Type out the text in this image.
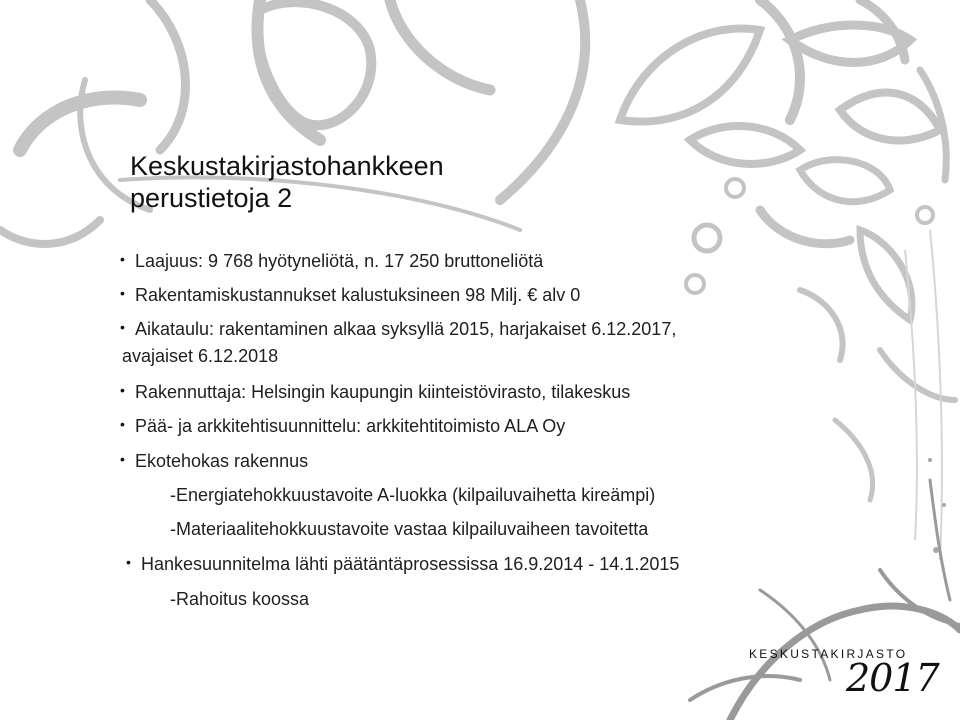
Keskustakirjastohankkeen
perustietoja 2
• Laajuus: 9 768 hyötyneliötä, n. 17 250 bruttoneliötä
• Rakentamiskustannukset kalustuksineen 98 Milj. € alv 0
• Aikataulu: rakentaminen alkaa syksyllä 2015, harjakaiset 6.12.2017,
avajaiset 6.12.2018
• Rakennuttaja: Helsingin kaupungin kiinteistövirasto, tilakeskus
• Pää- ja arkkitehtisuunnittelu: arkkitehtitoimisto ALA Oy
• Ekotehokas rakennus
-Energiatehokkuustavoite A-luokka (kilpailuvaihetta kireämpi)
-Materiaalitehokkuustavoite vastaa kilpailuvaiheen tavoitetta
• Hankesuunnitelma lähti päätäntäprosessissa 16.9.2014 - 14.1.2015
-Rahoitus koossa
KESKUSTAKIRJASTO
2017
